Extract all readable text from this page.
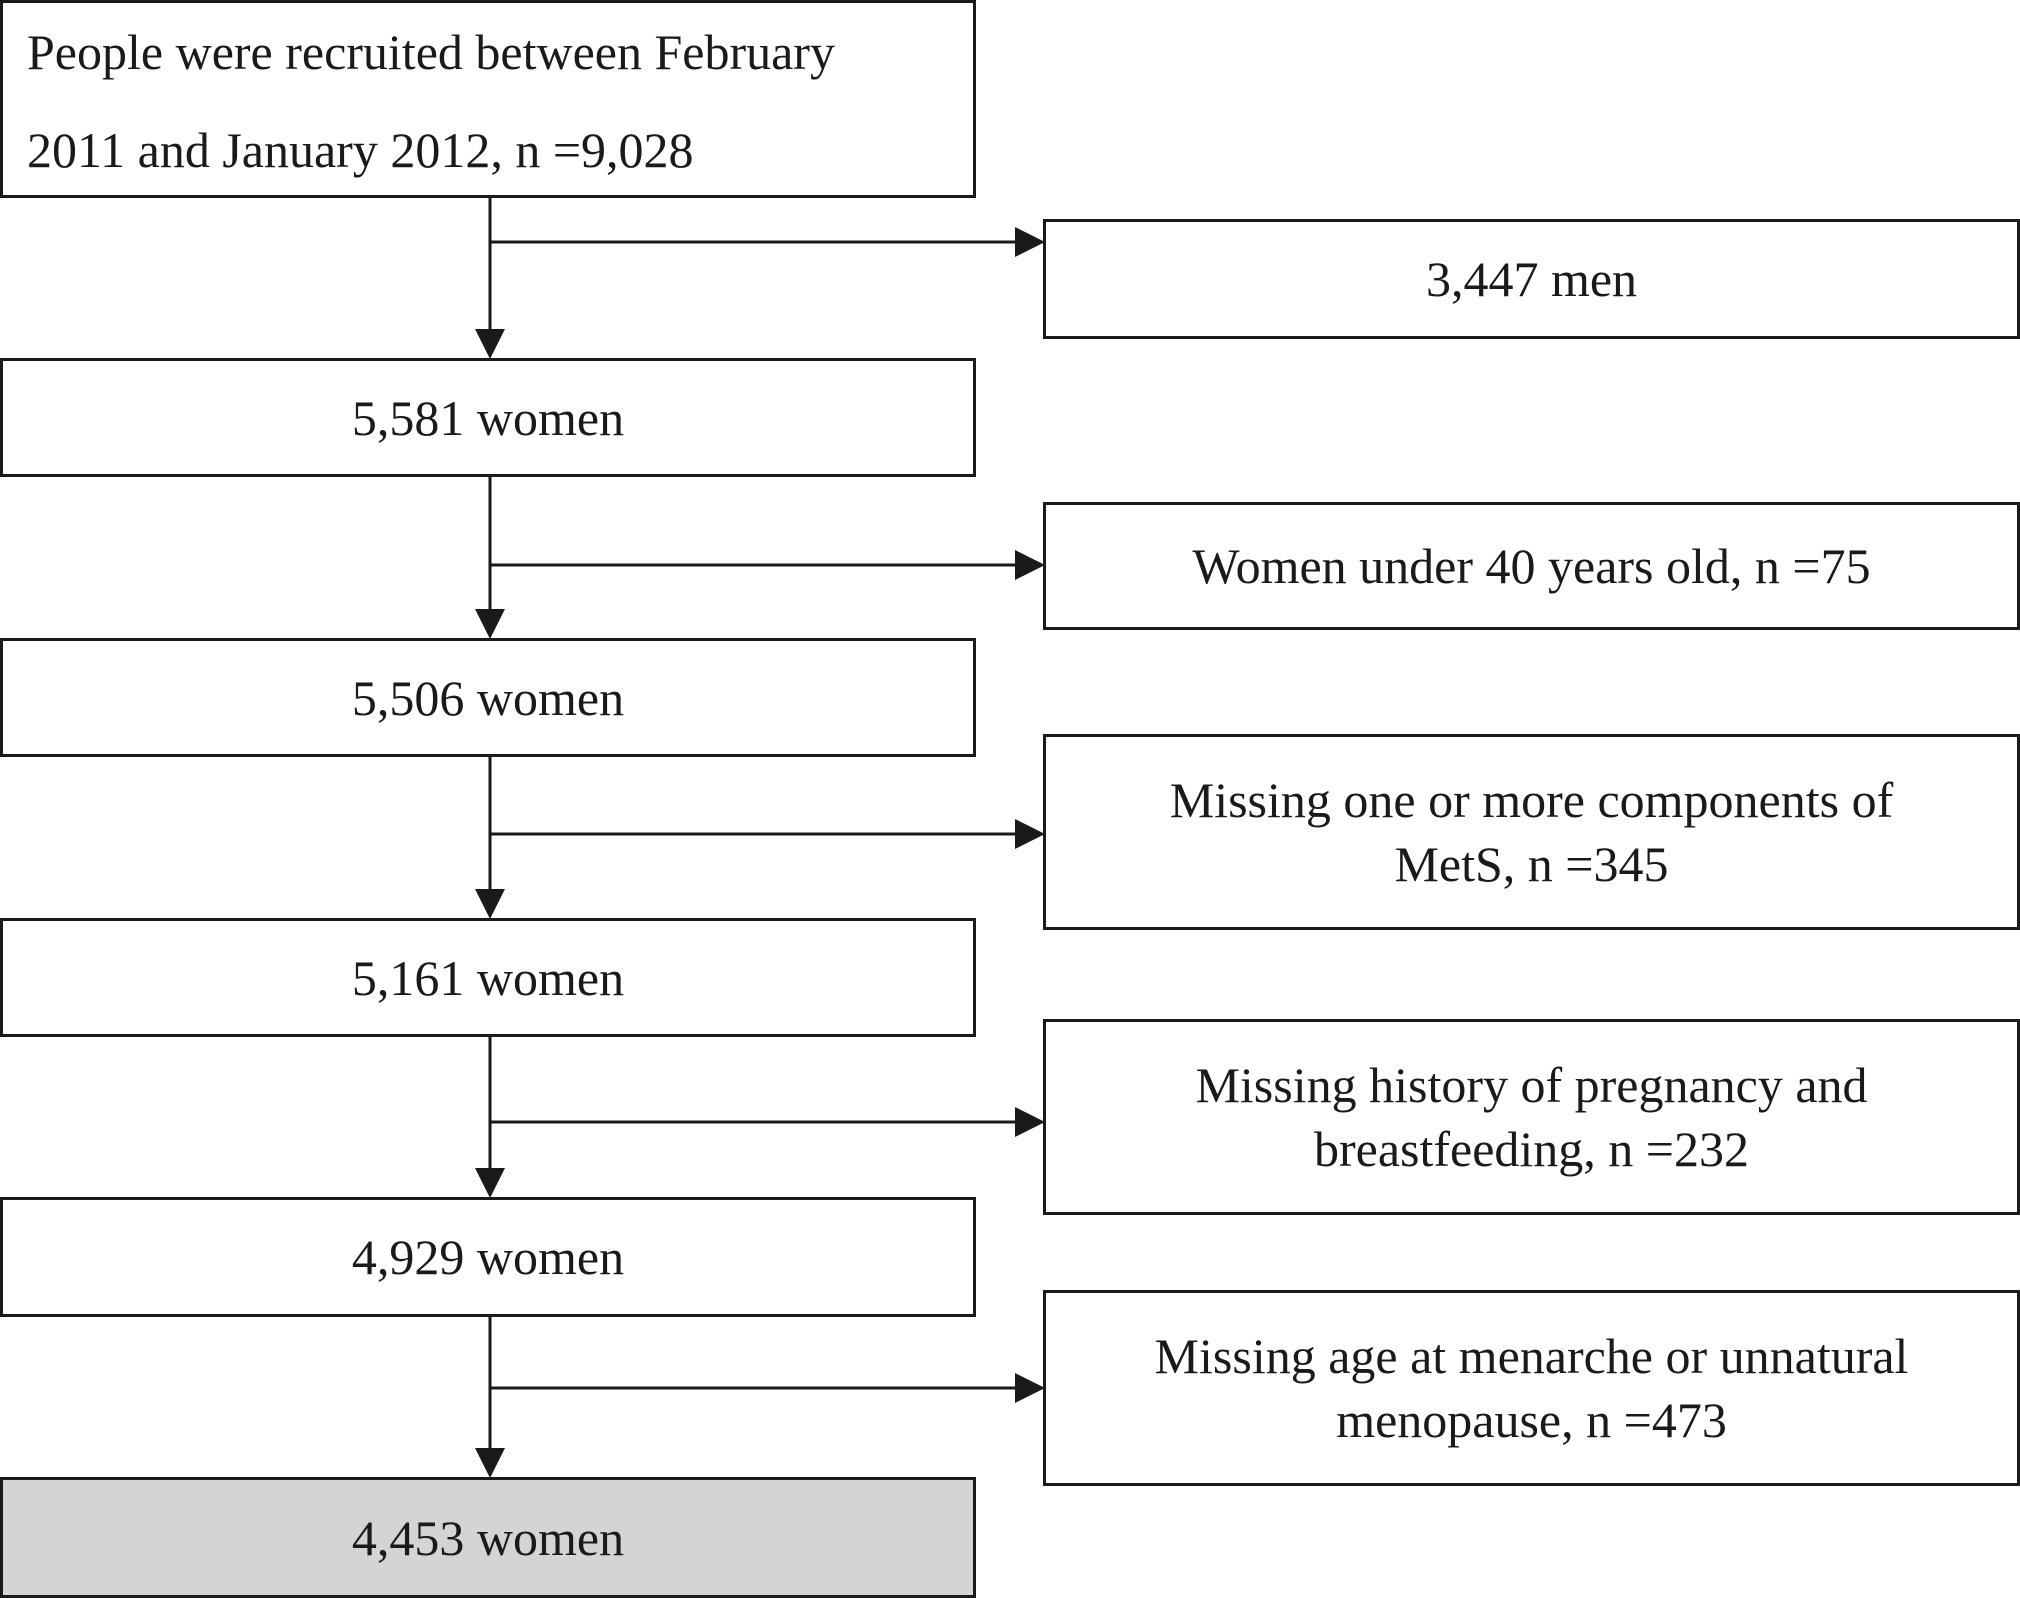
People were recruited between February
2011 and January 2012, n =9,028
5,581 women
5,506 women
5,161 women
4,929 women
4,453 women
3,447 men
Women under 40 years old, n =75
Missing one or more components of
MetS, n =345
Missing history of pregnancy and
breastfeeding, n =232
Missing age at menarche or unnatural
menopause, n =473
